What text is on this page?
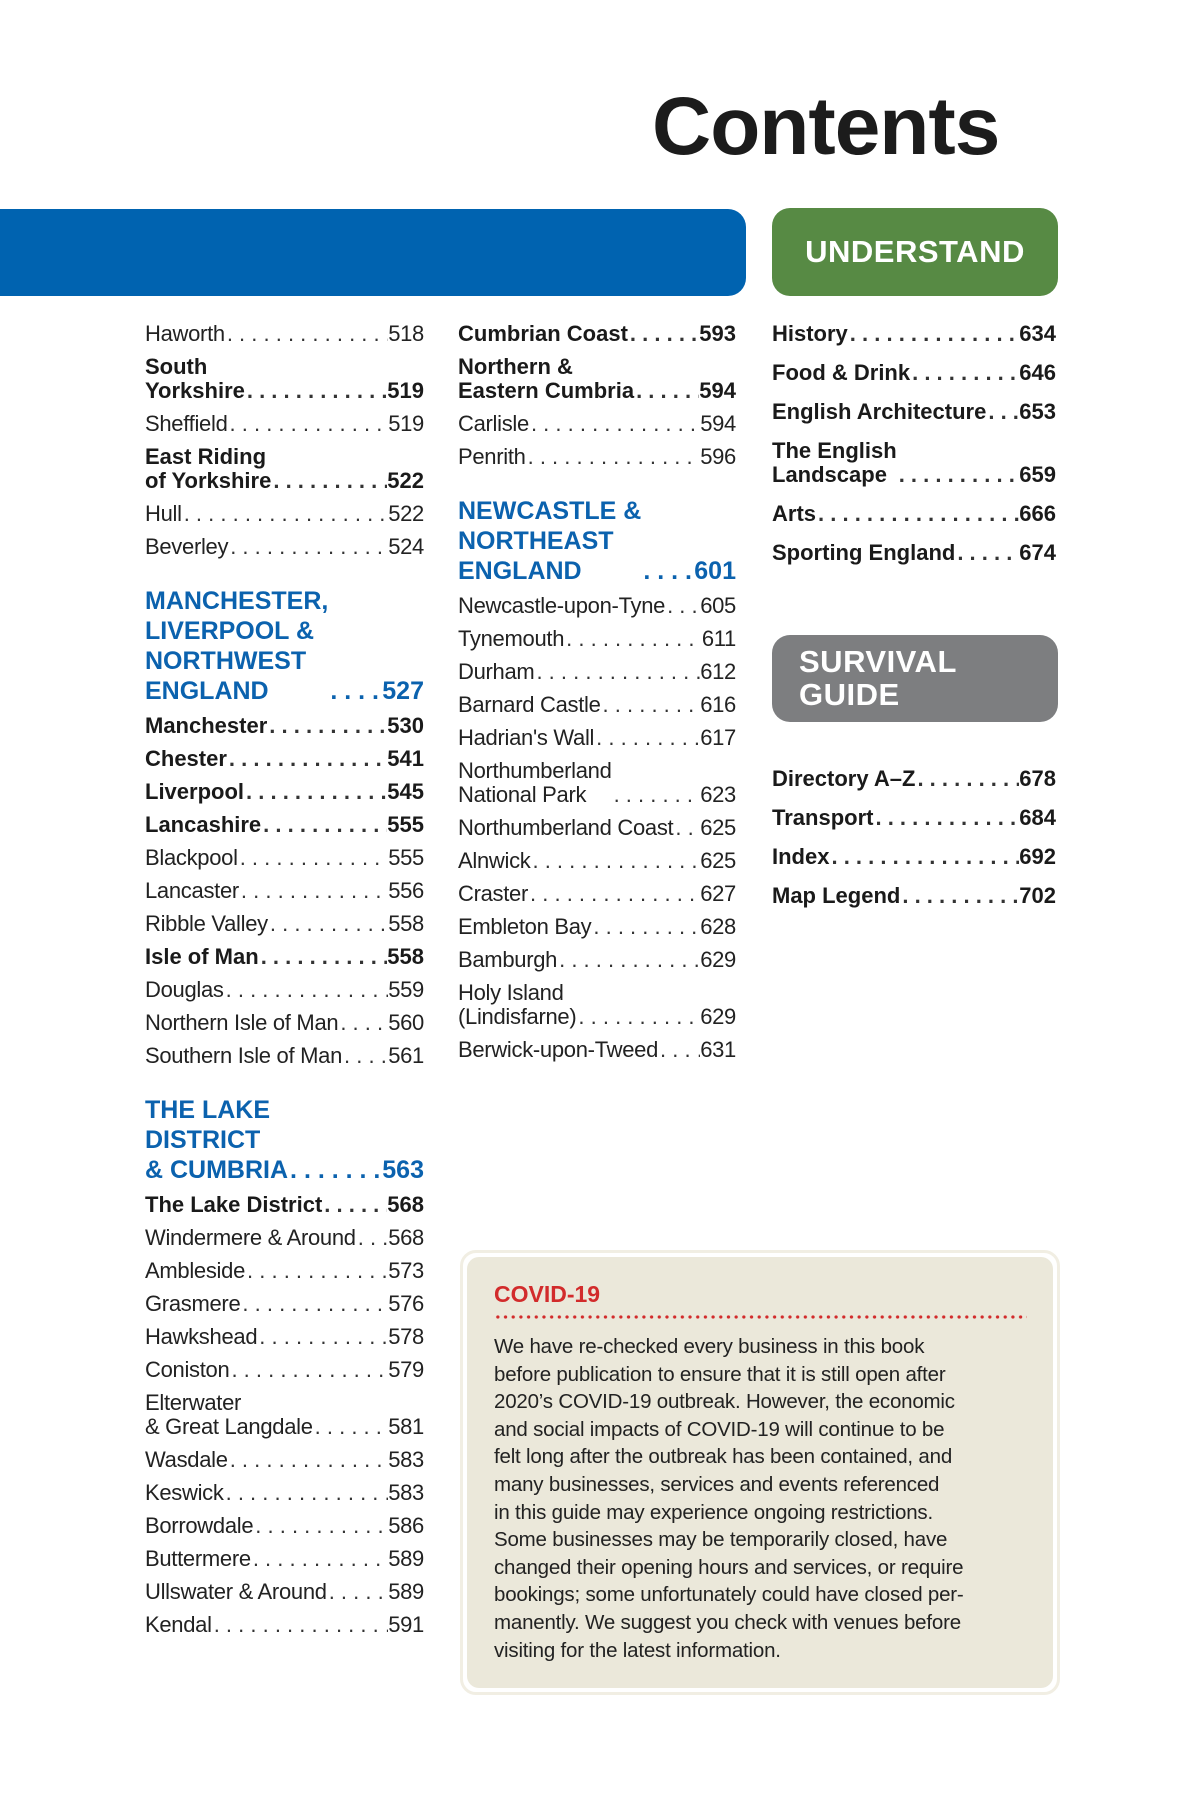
Contents
UNDERSTAND
SURVIVAL
GUIDE
Haworth . . .	518
South
Yorkshire . . .	519
Sheffield . . .	519
East Riding
of Yorkshire . . .	522
Hull . . .	522
Beverley . . .	524
MANCHESTER,
LIVERPOOL &
NORTHWEST
ENGLAND . . .	527
Manchester . . .	530
Chester . . .	541
Liverpool . . .	545
Lancashire . . .	555
Blackpool . . .	555
Lancaster . . .	556
Ribble Valley . . .	558
Isle of Man . . .	558
Douglas . . .	559
Northern Isle of Man . . . 560
Southern Isle of Man . . . 561
THE LAKE
DISTRICT
& CUMBRIA . . .	563
The Lake District . . .	568
Windermere & Around . . . 568
Ambleside . . .	573
Grasmere . . .	576
Hawkshead . . .	578
Coniston . . .	579
Elterwater
& Great Langdale . . .	581
Wasdale . . .	583
Keswick . . .	583
Borrowdale . . .	586
Buttermere . . .	589
Ullswater & Around . . .	589
Kendal . . .	591
Cumbrian Coast . . .	593
Northern &
Eastern Cumbria . . .	594
Carlisle . . .	594
Penrith . . .	596
NEWCASTLE &
NORTHEAST
ENGLAND . . .	601
Newcastle-upon-Tyne . . . 605
Tynemouth . . .	611
Durham . . .	612
Barnard Castle . . .	616
Hadrian's Wall . . .	617
Northumberland
National Park . . .	623
Northumberland Coast . . . 625
Alnwick . . .	625
Craster . . .	627
Embleton Bay . . .	628
Bamburgh . . .	629
Holy Island
(Lindisfarne) . . .	629
Berwick-upon-Tweed . . . 631
History . . .	634
Food & Drink . . .	646
English Architecture . . . 653
The English
Landscape . . .	659
Arts . . .	666
Sporting England . . .	674
Directory A–Z . . .	678
Transport . . .	684
Index . . .	692
Map Legend . . .	702
COVID-19
We have re-checked every business in this book
before publication to ensure that it is still open after
2020’s COVID-19 outbreak. However, the economic
and social impacts of COVID-19 will continue to be
felt long after the outbreak has been contained, and
many businesses, services and events referenced
in this guide may experience ongoing restrictions.
Some businesses may be temporarily closed, have
changed their opening hours and services, or require
bookings; some unfortunately could have closed per-
manently. We suggest you check with venues before
visiting for the latest information.
